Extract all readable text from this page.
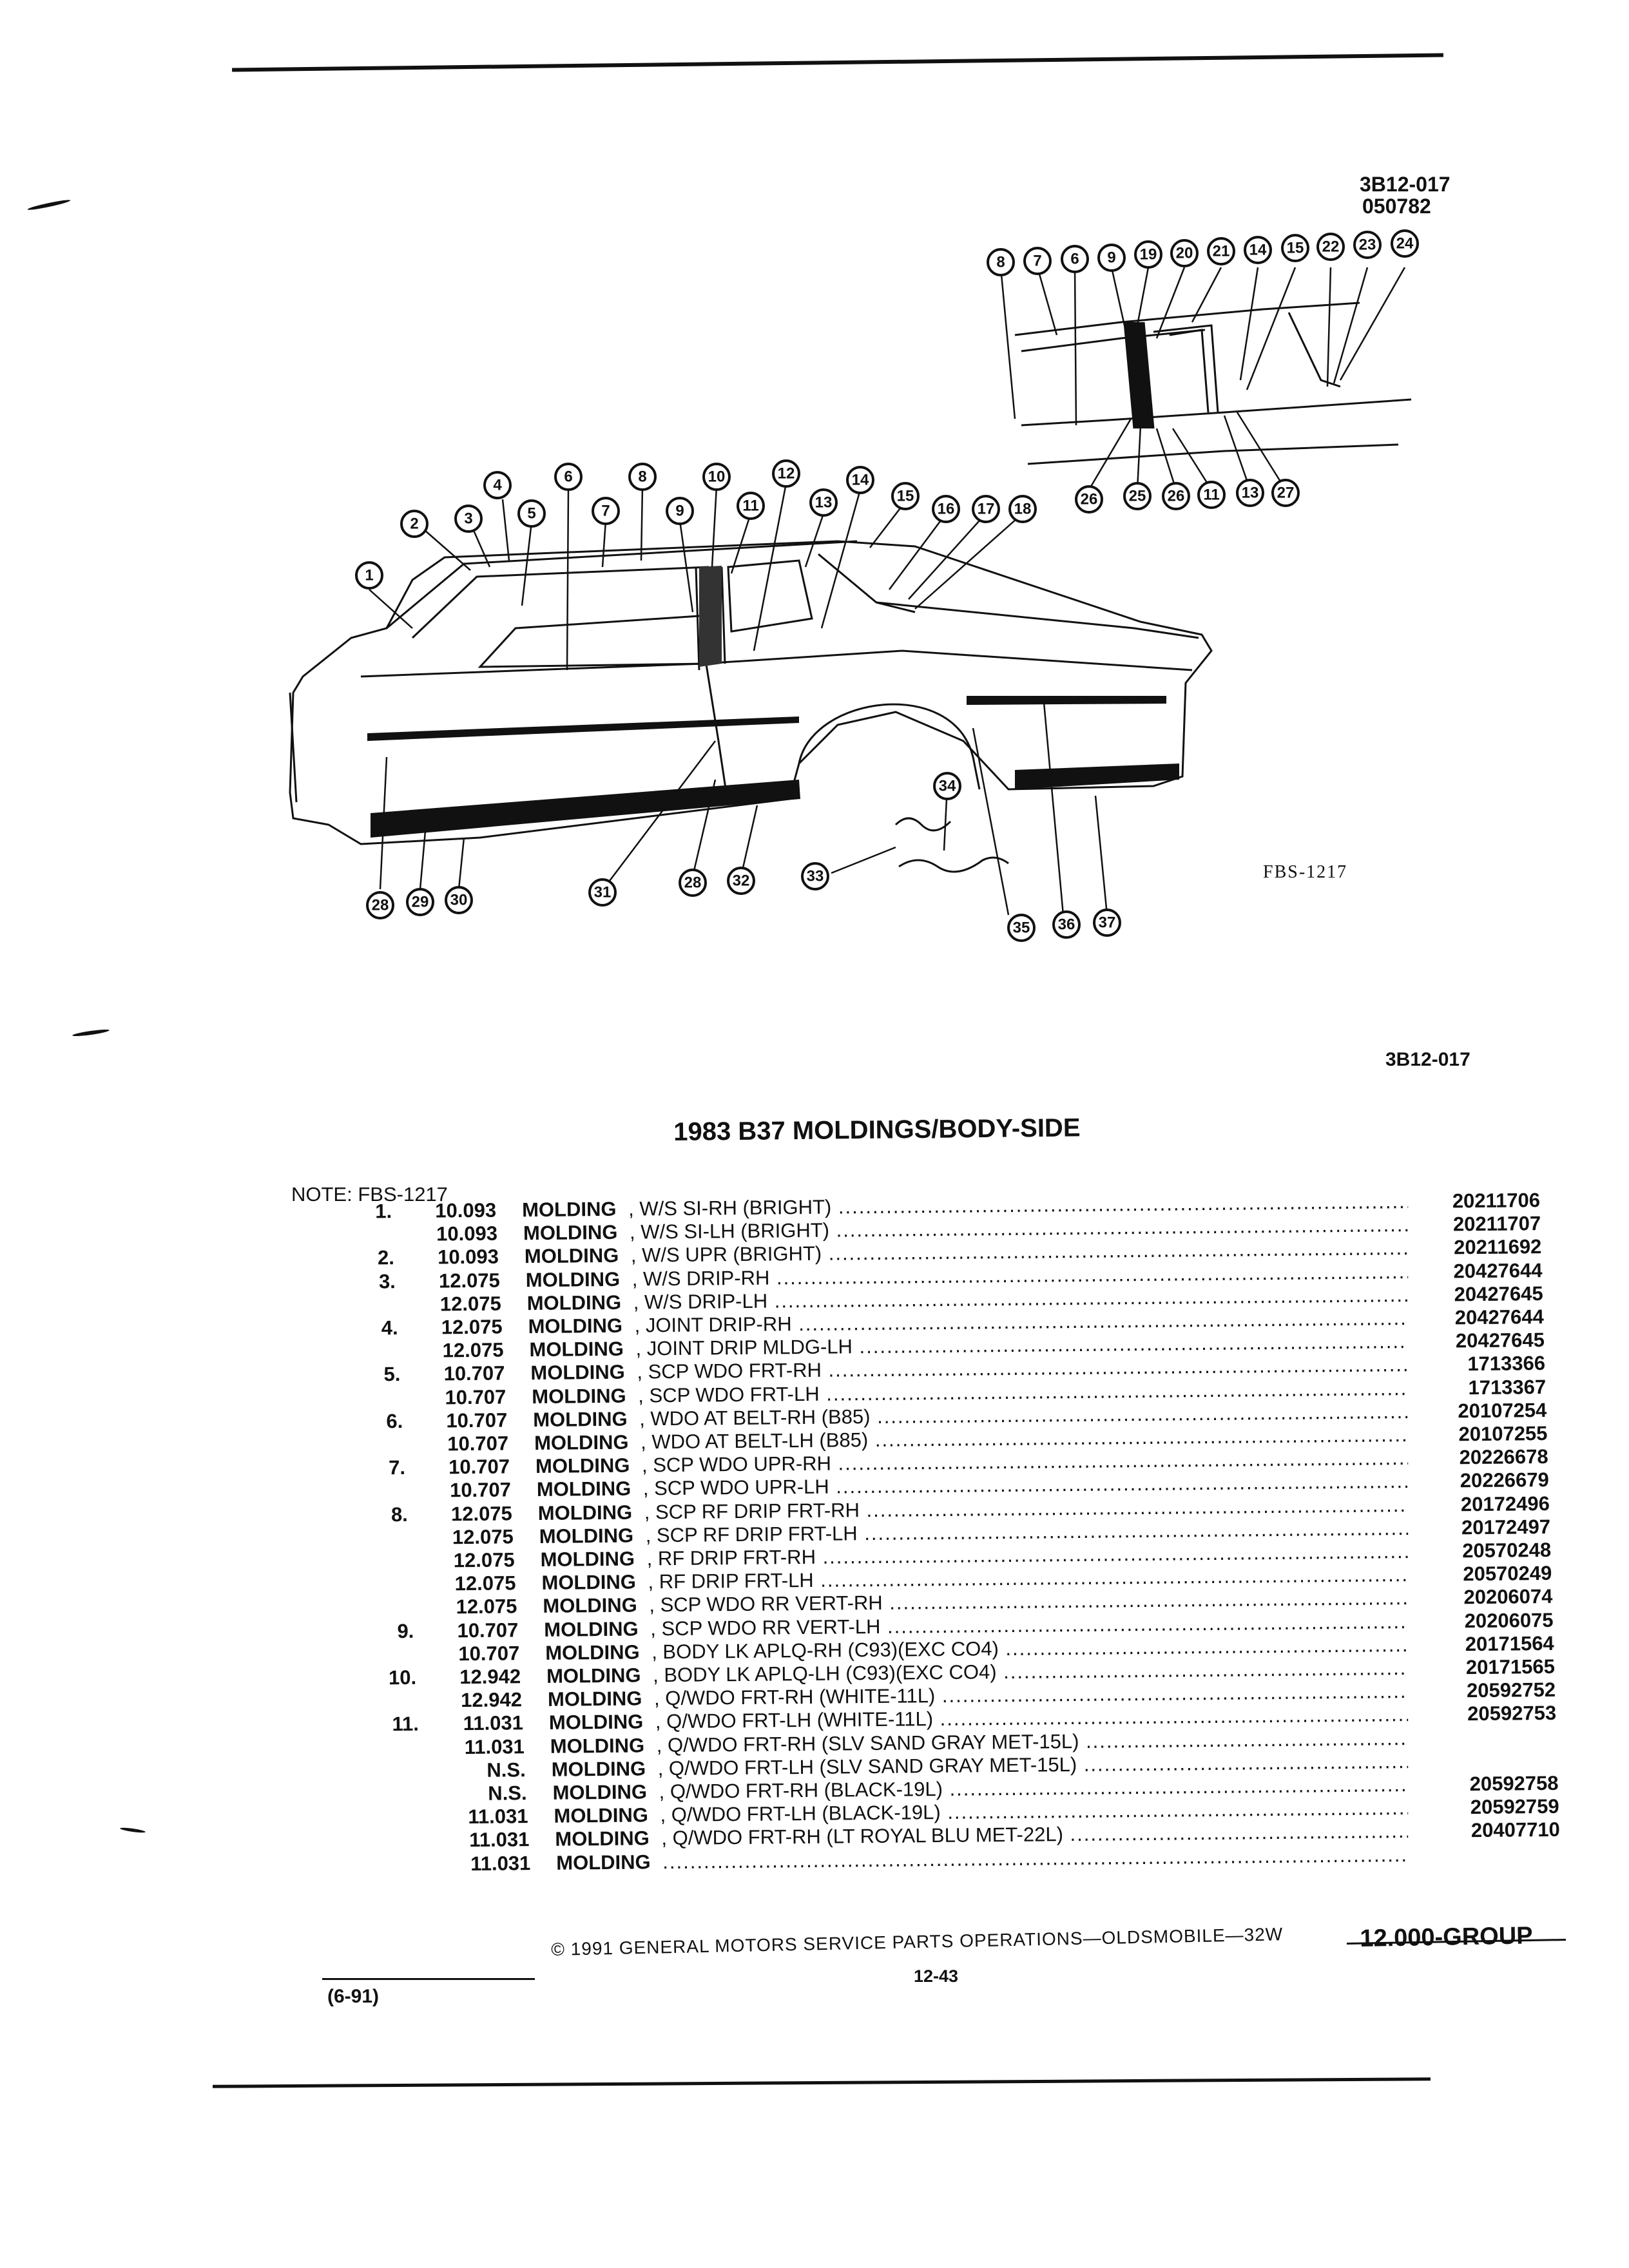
3B12-017
050782
FBS-1217
3B12-017
1
2	3
4
5
6
7
8
9
10
11
12
13
14
15
16 17 18
28 29 30	31
28 32	33
34
35 36 37
8 7 6 9 19 20 21 14 15 22 23 24
26 25 26 11 13 27
1983 B37 MOLDINGS/BODY-SIDE
NOTE: FBS-1217
1.	10.093 MOLDING , W/S SI-RH (BRIGHT) .....	20211706
10.093 MOLDING , W/S SI-LH (BRIGHT) .....	20211707
2.	10.093 MOLDING , W/S UPR (BRIGHT) .....	20211692
3.	12.075 MOLDING , W/S DRIP-RH .....	20427644
12.075 MOLDING , W/S DRIP-LH .....	20427645
4.	12.075 MOLDING , JOINT DRIP-RH .....	20427644
12.075 MOLDING , JOINT DRIP MLDG-LH .....	20427645
5.	10.707 MOLDING , SCP WDO FRT-RH .....	1713366
10.707 MOLDING , SCP WDO FRT-LH .....	1713367
6.	10.707 MOLDING , WDO AT BELT-RH (B85) .....	20107254
10.707 MOLDING , WDO AT BELT-LH (B85) .....	20107255
7.	10.707 MOLDING , SCP WDO UPR-RH .....	20226678
10.707 MOLDING , SCP WDO UPR-LH .....	20226679
8.	12.075 MOLDING , SCP RF DRIP FRT-RH .....	20172496
12.075 MOLDING , SCP RF DRIP FRT-LH .....	20172497
12.075 MOLDING , RF DRIP FRT-RH .....	20570248
12.075 MOLDING , RF DRIP FRT-LH .....	20570249
12.075 MOLDING , SCP WDO RR VERT-RH .....	20206074
9.	10.707 MOLDING , SCP WDO RR VERT-LH .....	20206075
10.707 MOLDING , BODY LK APLQ-RH (C93)(EXC CO4) .....	20171564
10.	12.942 MOLDING , BODY LK APLQ-LH (C93)(EXC CO4) .....	20171565
12.942 MOLDING , Q/WDO FRT-RH (WHITE-11L) .....	20592752
11.	11.031 MOLDING , Q/WDO FRT-LH (WHITE-11L) .....	20592753
11.031 MOLDING , Q/WDO FRT-RH (SLV SAND GRAY MET-15L) .....
N.S. MOLDING , Q/WDO FRT-LH (SLV SAND GRAY MET-15L) .....
N.S. MOLDING , Q/WDO FRT-RH (BLACK-19L) .....	20592758
11.031 MOLDING , Q/WDO FRT-LH (BLACK-19L) .....	20592759
11.031 MOLDING , Q/WDO FRT-RH (LT ROYAL BLU MET-22L) .....	20407710
11.031 MOLDING
.....
© 1991 GENERAL MOTORS SERVICE PARTS OPERATIONS—OLDSMOBILE—32W
12-43
12.000-GROUP
(6-91)
